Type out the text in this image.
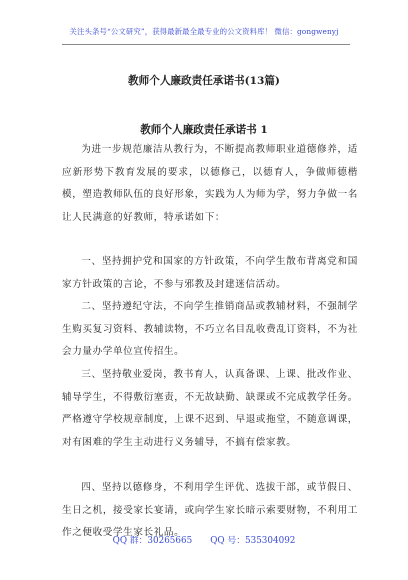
关注头条号“公文研究”，获得最新最全最专业的公文资料库！ 微信：gongwenyj
教师个人廉政责任承诺书(13篇)
教师个人廉政责任承诺书 1

为进一步规范廉洁从教行为，不断提高教师职业道德修养，适应新形势下教育发展的要求，以德修己，以德育人，争做师德楷模，塑造教师队伍的良好形象，实践为人为师为学，努力争做一名让人民满意的好教师，特承诺如下：

一、坚持拥护党和国家的方针政策，不向学生散布背离党和国家方针政策的言论，不参与邪教及封建迷信活动。

二、坚持遵纪守法，不向学生推销商品或教辅材料，不强制学生购买复习资料、教辅读物，不巧立名目乱收费乱订资料，不为社会力量办学单位宣传招生。

三、坚持敬业爱岗，教书育人，认真备课、上课、批改作业、辅导学生，不得敷衍塞责，不无故缺勤、缺课或不完成教学任务。严格遵守学校规章制度，上课不迟到、早退或拖堂，不随意调课，对有困难的学生主动进行义务辅导，不搞有偿家教。

四、坚持以德修身，不利用学生评优、选拔干部，或节假日、生日之机，接受家长宴请，或向学生家长暗示索要财物，不利用工作之便收受学生家长礼品。

QQ 群：30265665 QQ 号：535304092
